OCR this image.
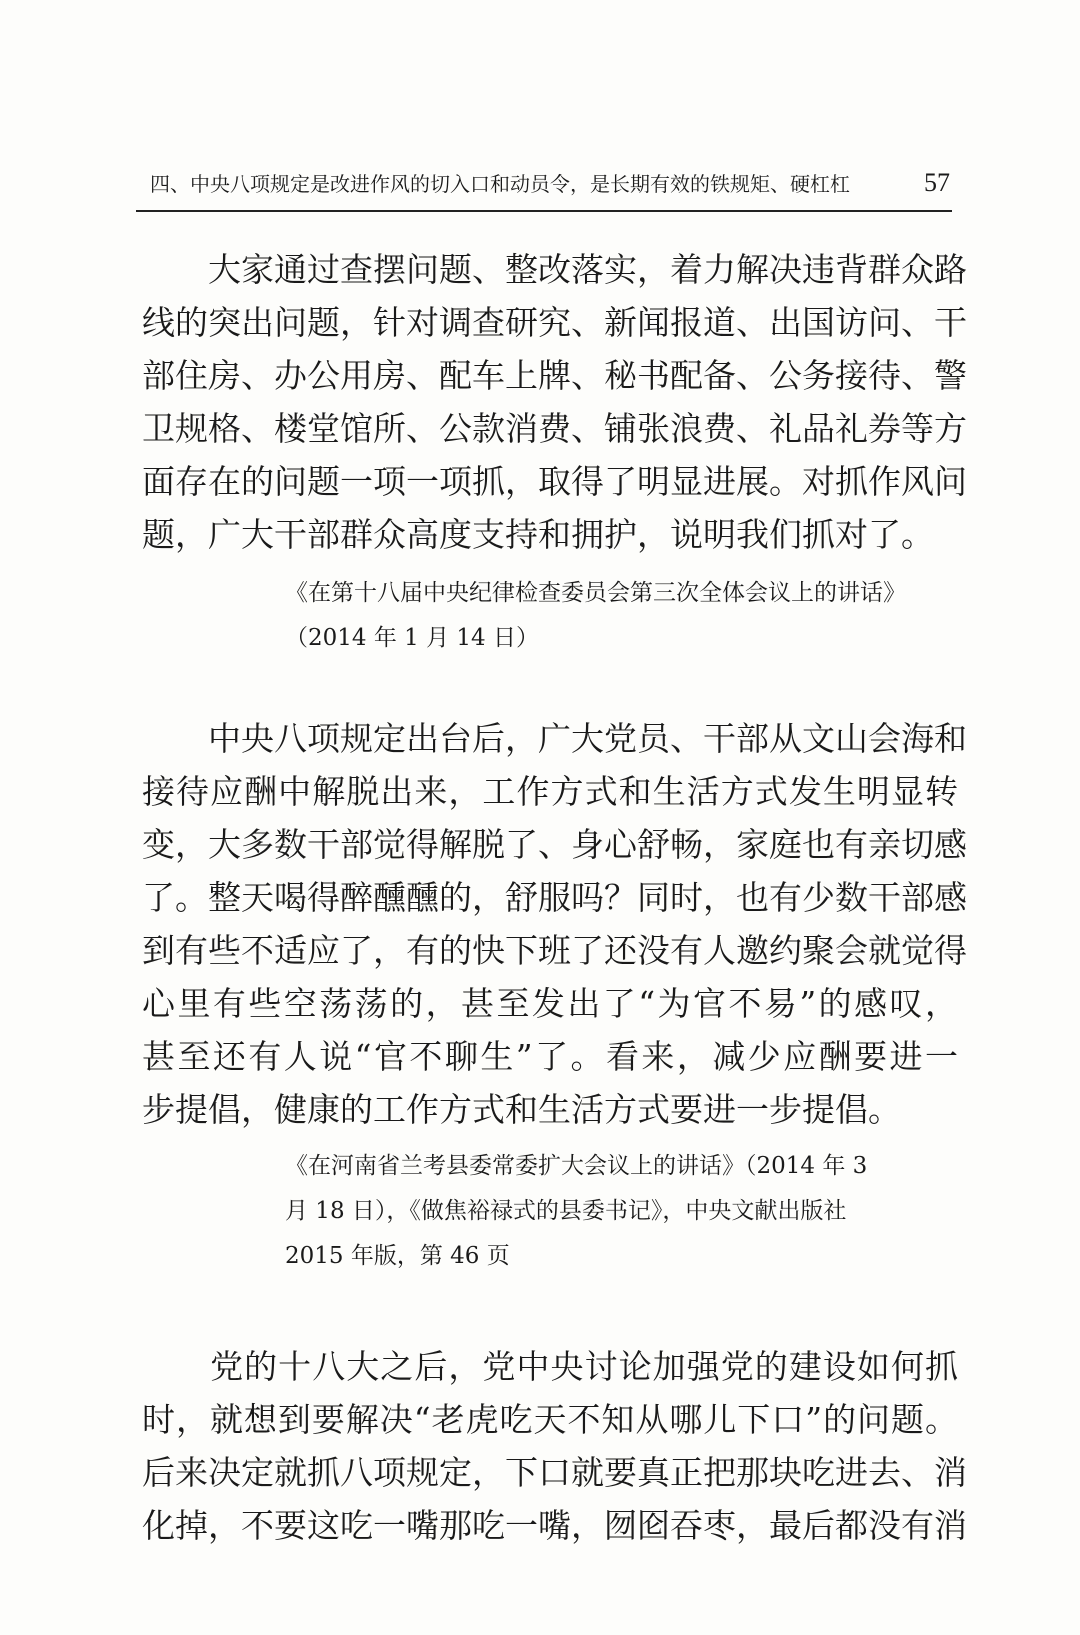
四、中央八项规定是改进作风的切入口和动员令，是长期有效的铁规矩、硬杠杠	57
　　大家通过查摆问题、整改落实，着力解决违背群众路
线的突出问题，针对调查研究、新闻报道、出国访问、干
部住房、办公用房、配车上牌、秘书配备、公务接待、警
卫规格、楼堂馆所、公款消费、铺张浪费、礼品礼券等方
面存在的问题一项一项抓，取得了明显进展。对抓作风问
题，广大干部群众高度支持和拥护，说明我们抓对了。
《在第十八届中央纪律检查委员会第三次全体会议上的讲话》
（2014 年 1 月 14 日）
　　中央八项规定出台后，广大党员、干部从文山会海和
接待应酬中解脱出来，工作方式和生活方式发生明显转
变，大多数干部觉得解脱了、身心舒畅，家庭也有亲切感
了。整天喝得醉醺醺的，舒服吗？同时，也有少数干部感
到有些不适应了，有的快下班了还没有人邀约聚会就觉得
心里有些空荡荡的，甚至发出了“为官不易”的感叹，
甚至还有人说“官不聊生”了。看来，减少应酬要进一
步提倡，健康的工作方式和生活方式要进一步提倡。
《在河南省兰考县委常委扩大会议上的讲话》（2014 年 3
月 18 日），《做焦裕禄式的县委书记》，中央文献出版社
2015 年版，第 46 页
　　党的十八大之后，党中央讨论加强党的建设如何抓
时，就想到要解决“老虎吃天不知从哪儿下口”的问题。
后来决定就抓八项规定，下口就要真正把那块吃进去、消
化掉，不要这吃一嘴那吃一嘴，囫囵吞枣，最后都没有消
